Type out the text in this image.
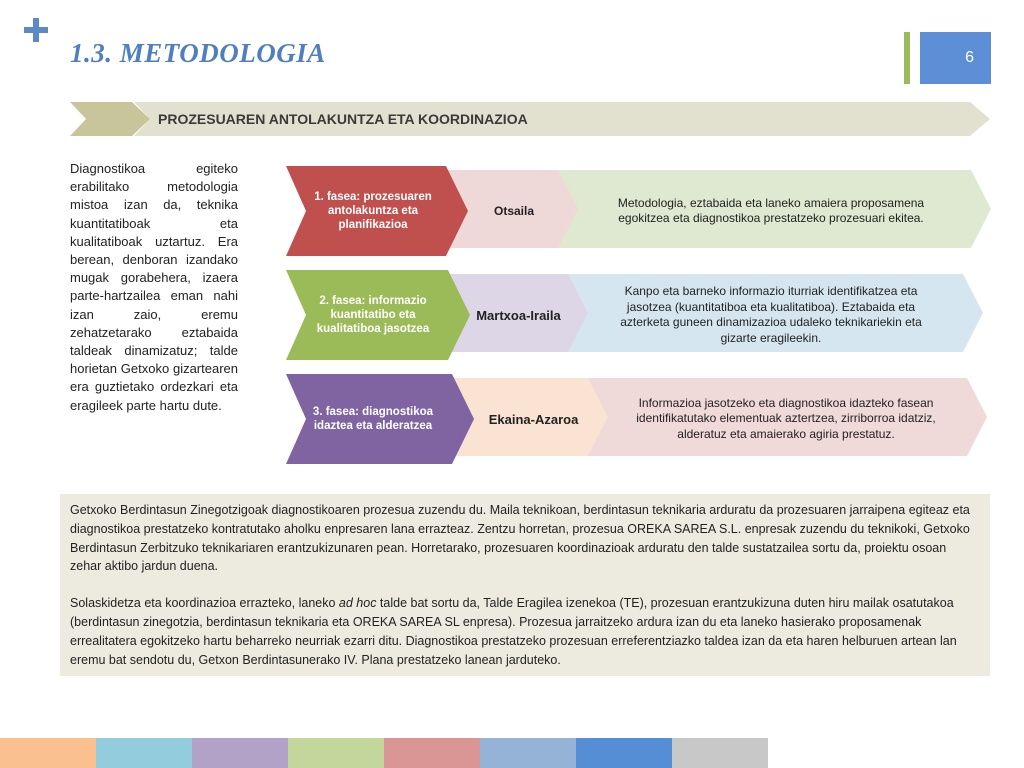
1.3. METODOLOGIA	6
PROZESUAREN ANTOLAKUNTZA ETA KOORDINAZIOA
Diagnostikoa egiteko erabilitako metodologia mistoa izan da, teknika kuantitatiboak eta kualitatiboak uztartuz. Era berean, denboran izandako mugak gorabehera, izaera parte-hartzailea eman nahi izan zaio, eremu zehatzetarako eztabaida taldeak dinamizatuz; talde horietan Getxoko gizartearen era guztietako ordezkari eta eragileek parte hartu dute.
1. fasea: prozesuaren antolakuntza eta planifikazioa
Otsaila
Metodologia, eztabaida eta laneko amaiera proposamena egokitzea eta diagnostikoa prestatzeko prozesuari ekitea.
2. fasea: informazio kuantitatibo eta kualitatiboa jasotzea
Martxoa-Iraila
Kanpo eta barneko informazio iturriak identifikatzea eta jasotzea (kuantitatiboa eta kualitatiboa). Eztabaida eta azterketa guneen dinamizazioa udaleko teknikariekin eta gizarte eragileekin.
3. fasea: diagnostikoa idaztea eta alderatzea	Ekaina-Azaroa
Informazioa jasotzeko eta diagnostikoa idazteko fasean identifikatutako elementuak aztertzea, zirriborroa idatziz, alderatuz eta amaierako agiria prestatuz.

Getxoko Berdintasun Zinegotzigoak diagnostikoaren prozesua zuzendu du. Maila teknikoan, berdintasun teknikaria arduratu da prozesuaren jarraipena egiteaz eta diagnostikoa prestatzeko kontratutako aholku enpresaren lana errazteaz. Zentzu horretan, prozesua OREKA SAREA S.L. enpresak zuzendu du teknikoki, Getxoko Berdintasun Zerbitzuko teknikariaren erantzukizunaren pean. Horretarako, prozesuaren koordinazioak arduratu den talde sustatzailea sortu da, proiektu osoan zehar aktibo jardun duena.

Solaskidetza eta koordinazioa errazteko, laneko ad hoc talde bat sortu da, Talde Eragilea izenekoa (TE), prozesuan erantzukizuna duten hiru mailak osatutakoa (berdintasun zinegotzia, berdintasun teknikaria eta OREKA SAREA SL enpresa). Prozesua jarraitzeko ardura izan du eta laneko hasierako proposamenak errealitatera egokitzeko hartu beharreko neurriak ezarri ditu. Diagnostikoa prestatzeko prozesuan erreferentziazko taldea izan da eta haren helburuen artean lan eremu bat sendotu du, Getxon Berdintasunerako IV. Plana prestatzeko lanean jarduteko.
